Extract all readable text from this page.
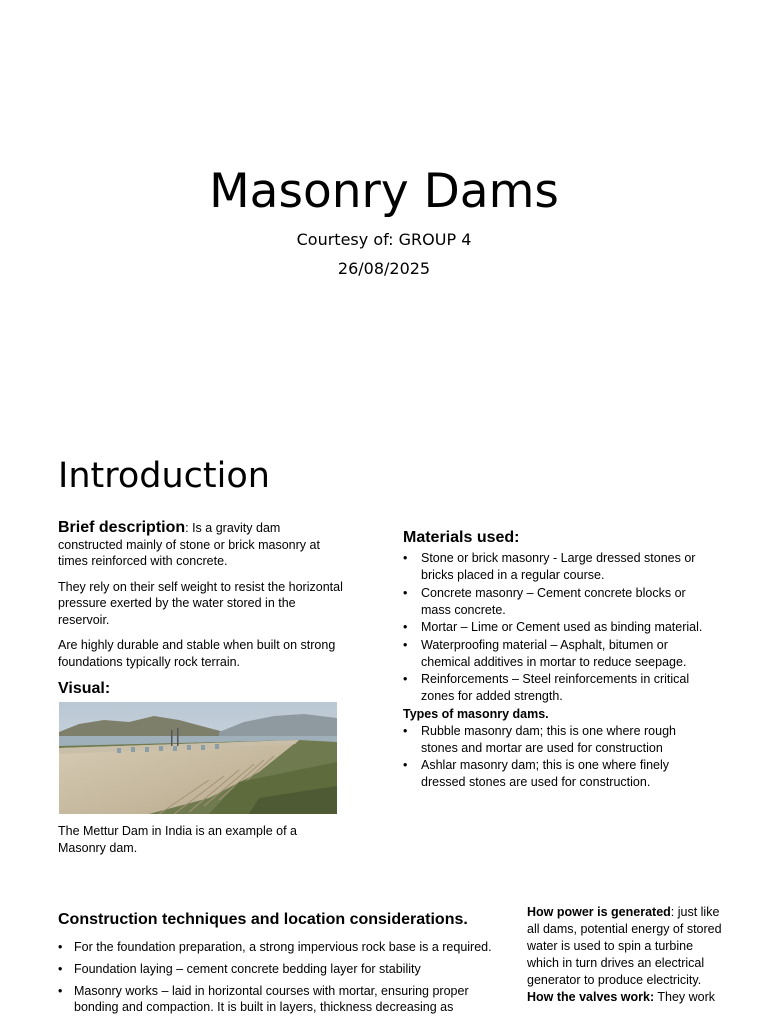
Masonry Dams
Courtesy of: GROUP 4
26/08/2025
Introduction

Brief description: Is a gravity dam constructed mainly of stone or brick masonry at times reinforced with concrete.

They rely on their self weight to resist the horizontal pressure exerted by the water stored in the reservoir.

Are highly durable and stable when built on strong foundations typically rock terrain.

Visual:

The Mettur Dam in India is an example of a Masonry dam.

Materials used:
• Stone or brick masonry - Large dressed stones or bricks placed in a regular course.
• Concrete masonry – Cement concrete blocks or mass concrete.
• Mortar – Lime or Cement used as binding material.
• Waterproofing material – Asphalt, bitumen or chemical additives in mortar to reduce seepage.
• Reinforcements – Steel reinforcements in critical zones for added strength.

Types of masonry dams.

• Rubble masonry dam; this is one where rough stones and mortar are used for construction
• Ashlar masonry dam; this is one where finely dressed stones are used for construction.
Construction techniques and location considerations.
• For the foundation preparation, a strong impervious rock base is a required.
• Foundation laying – cement concrete bedding layer for stability
• Masonry works – laid in horizontal courses with mortar, ensuring proper bonding and compaction. It is built in layers, thickness decreasing as

How power is generated: just like all dams, potential energy of stored water is used to spin a turbine which in turn drives an electrical generator to produce electricity.

How the valves work: They work
